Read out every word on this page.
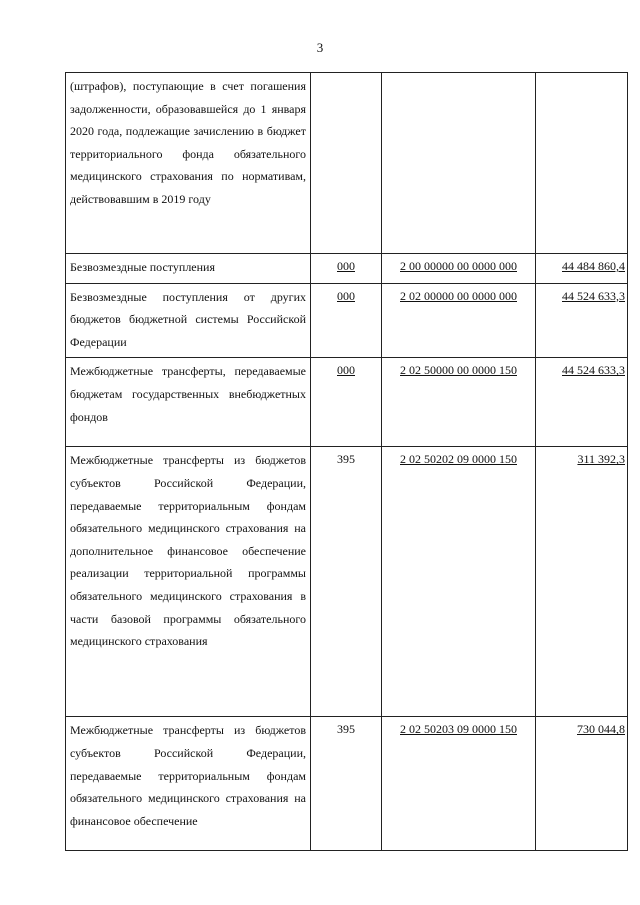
3
(штрафов), поступающие в счет погашения задолженности, образовавшейся до 1 января 2020 года, подлежащие зачислению в бюджет территориального фонда обязательного медицинского страхования по нормативам, действовавшим в 2019 году			

Безвозмездные поступления	000	2 00 00000 00 0000 000	44 484 860,4

Безвозмездные поступления от других бюджетов бюджетной системы Российской Федерации	000	2 02 00000 00 0000 000	44 524 633,3

Межбюджетные трансферты, передаваемые бюджетам государственных внебюджетных фондов	000	2 02 50000 00 0000 150	44 524 633,3

Межбюджетные трансферты из бюджетов субъектов Российской Федерации, передаваемые территориальным фондам обязательного медицинского страхования на дополнительное финансовое обеспечение реализации территориальной программы обязательного медицинского страхования в части базовой программы обязательного медицинского страхования	395	2 02 50202 09 0000 150	311 392,3

Межбюджетные трансферты из бюджетов субъектов Российской Федерации, передаваемые территориальным фондам обязательного медицинского страхования на финансовое обеспечение	395	2 02 50203 09 0000 150	730 044,8
